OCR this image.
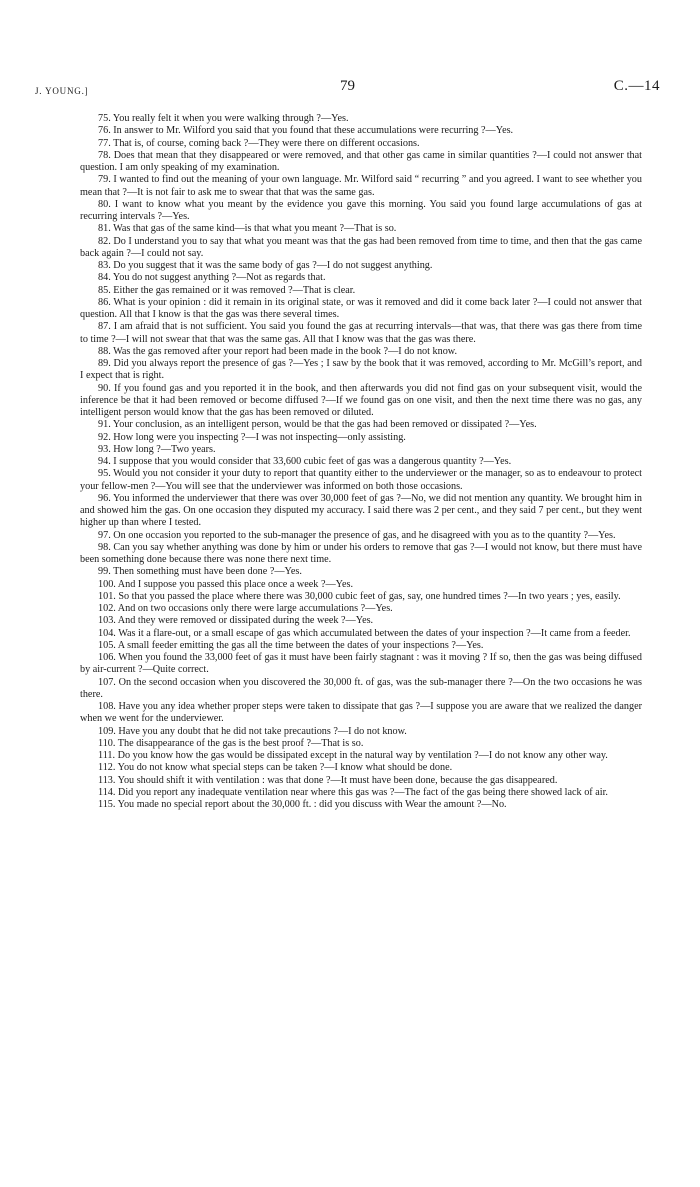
J. YOUNG.]	79	C.—14

75. You really felt it when you were walking through ?—Yes.

76. In answer to Mr. Wilford you said that you found that these accumulations were recurring ?—Yes.

77. That is, of course, coming back ?—They were there on different occasions.

78. Does that mean that they disappeared or were removed, and that other gas came in similar quantities ?—I could not answer that question. I am only speaking of my examination.

79. I wanted to find out the meaning of your own language. Mr. Wilford said “ recurring ” and you agreed. I want to see whether you mean that ?—It is not fair to ask me to swear that that was the same gas.

80. I want to know what you meant by the evidence you gave this morning. You said you found large accumulations of gas at recurring intervals ?—Yes.

81. Was that gas of the same kind—is that what you meant ?—That is so.

82. Do I understand you to say that what you meant was that the gas had been removed from time to time, and then that the gas came back again ?—I could not say.

83. Do you suggest that it was the same body of gas ?—I do not suggest anything.

84. You do not suggest anything ?—Not as regards that.

85. Either the gas remained or it was removed ?—That is clear.

86. What is your opinion : did it remain in its original state, or was it removed and did it come back later ?—I could not answer that question. All that I know is that the gas was there several times.

87. I am afraid that is not sufficient. You said you found the gas at recurring intervals—that was, that there was gas there from time to time ?—I will not swear that that was the same gas. All that I know was that the gas was there.

88. Was the gas removed after your report had been made in the book ?—I do not know.

89. Did you always report the presence of gas ?—Yes ; I saw by the book that it was removed, according to Mr. McGill’s report, and I expect that is right.

90. If you found gas and you reported it in the book, and then afterwards you did not find gas on your subsequent visit, would the inference be that it had been removed or become diffused ?—If we found gas on one visit, and then the next time there was no gas, any intelligent person would know that the gas has been removed or diluted.

91. Your conclusion, as an intelligent person, would be that the gas had been removed or dissipated ?—Yes.

92. How long were you inspecting ?—I was not inspecting—only assisting.

93. How long ?—Two years.

94. I suppose that you would consider that 33,600 cubic feet of gas was a dangerous quantity ?—Yes.

95. Would you not consider it your duty to report that quantity either to the underviewer or the manager, so as to endeavour to protect your fellow-men ?—You will see that the underviewer was informed on both those occasions.

96. You informed the underviewer that there was over 30,000 feet of gas ?—No, we did not mention any quantity. We brought him in and showed him the gas. On one occasion they disputed my accuracy. I said there was 2 per cent., and they said 7 per cent., but they went higher up than where I tested.

97. On one occasion you reported to the sub-manager the presence of gas, and he disagreed with you as to the quantity ?—Yes.

98. Can you say whether anything was done by him or under his orders to remove that gas ?—I would not know, but there must have been something done because there was none there next time.

99. Then something must have been done ?—Yes.

100. And I suppose you passed this place once a week ?—Yes.

101. So that you passed the place where there was 30,000 cubic feet of gas, say, one hundred times ?—In two years ; yes, easily.

102. And on two occasions only there were large accumulations ?—Yes.

103. And they were removed or dissipated during the week ?—Yes.

104. Was it a flare-out, or a small escape of gas which accumulated between the dates of your inspection ?—It came from a feeder.

105. A small feeder emitting the gas all the time between the dates of your inspections ?—Yes.

106. When you found the 33,000 feet of gas it must have been fairly stagnant : was it moving ? If so, then the gas was being diffused by air-current ?—Quite correct.

107. On the second occasion when you discovered the 30,000 ft. of gas, was the sub-manager there ?—On the two occasions he was there.

108. Have you any idea whether proper steps were taken to dissipate that gas ?—I suppose you are aware that we realized the danger when we went for the underviewer.

109. Have you any doubt that he did not take precautions ?—I do not know.

110. The disappearance of the gas is the best proof ?—That is so.

111. Do you know how the gas would be dissipated except in the natural way by ventilation ?—I do not know any other way.

112. You do not know what special steps can be taken ?—I know what should be done.

113. You should shift it with ventilation : was that done ?—It must have been done, because the gas disappeared.

114. Did you report any inadequate ventilation near where this gas was ?—The fact of the gas being there showed lack of air.

115. You made no special report about the 30,000 ft. : did you discuss with Wear the amount ?—No.
